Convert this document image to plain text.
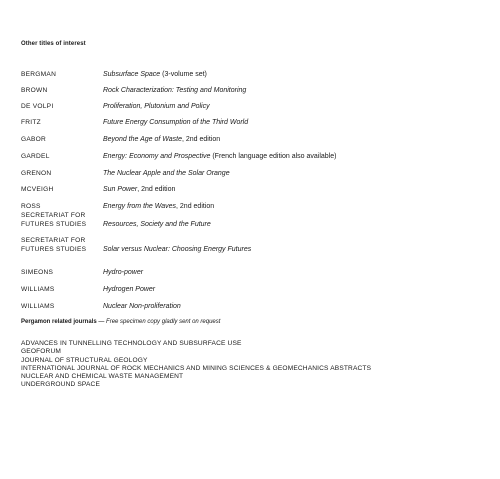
Other titles of interest
BERGMAN	Subsurface Space (3-volume set)
BROWN	Rock Characterization: Testing and Monitoring
DE VOLPI	Proliferation, Plutonium and Policy
FRITZ	Future Energy Consumption of the Third World
GABOR	Beyond the Age of Waste, 2nd edition
GARDEL	Energy: Economy and Prospective (French language edition also available)
GRENON	The Nuclear Apple and the Solar Orange
MCVEIGH	Sun Power, 2nd edition
ROSS	Energy from the Waves, 2nd edition
SECRETARIAT FOR
FUTURES STUDIES	Resources, Society and the Future
SECRETARIAT FOR
FUTURES STUDIES	Solar versus Nuclear: Choosing Energy Futures
SIMEONS	Hydro-power
WILLIAMS	Hydrogen Power
WILLIAMS	Nuclear Non-proliferation
Pergamon related journals — Free specimen copy gladly sent on request
ADVANCES IN TUNNELLING TECHNOLOGY AND SUBSURFACE USE
GEOFORUM
JOURNAL OF STRUCTURAL GEOLOGY
INTERNATIONAL JOURNAL OF ROCK MECHANICS AND MINING SCIENCES & GEOMECHANICS ABSTRACTS
NUCLEAR AND CHEMICAL WASTE MANAGEMENT
UNDERGROUND SPACE
